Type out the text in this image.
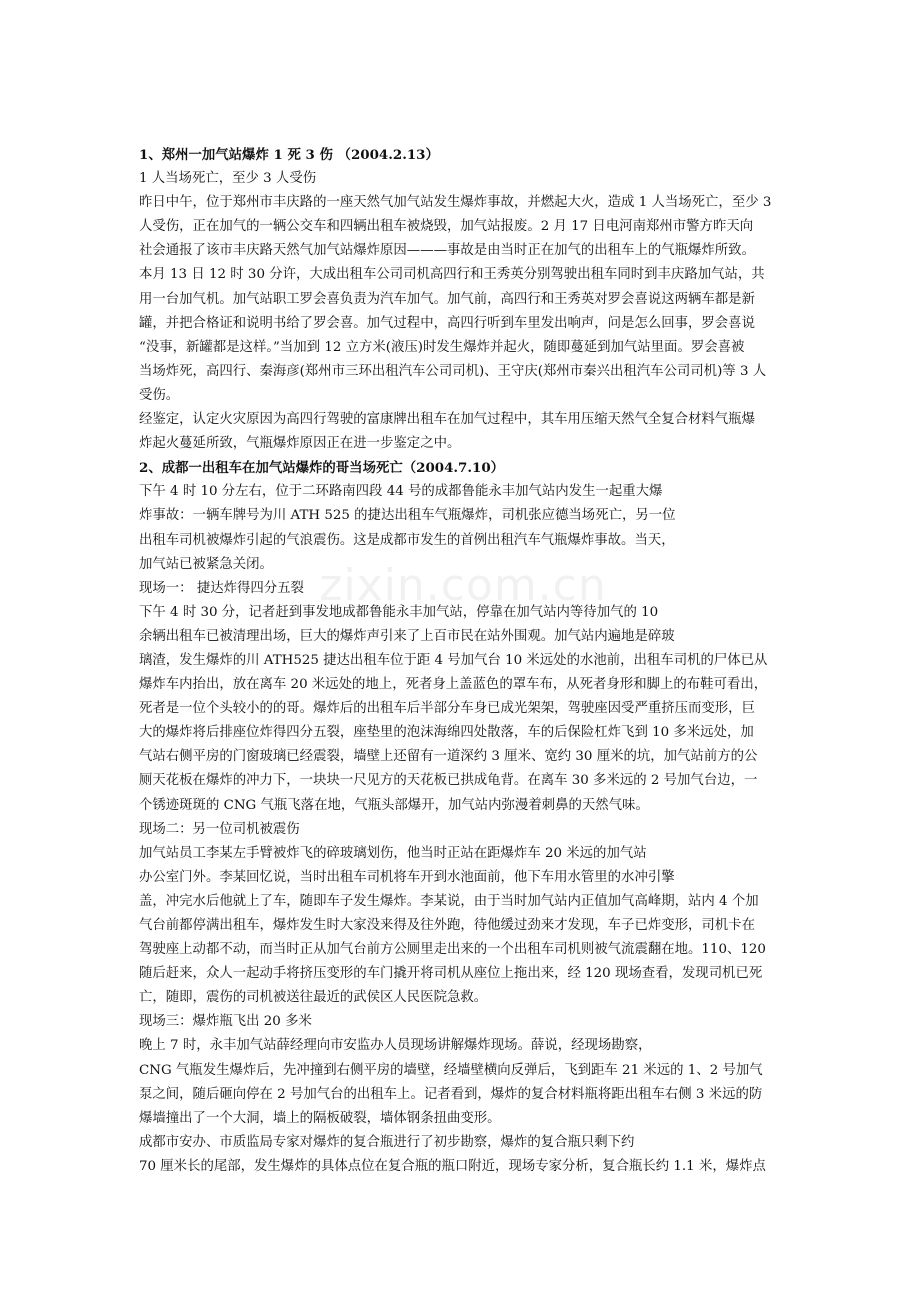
zixin.com.cn
1、郑州一加气站爆炸 1 死 3 伤 （2004.2.13）
1 人当场死亡，至少 3 人受伤
昨日中午，位于郑州市丰庆路的一座天然气加气站发生爆炸事故，并燃起大火，造成 1 人当场死亡，至少 3
人受伤，正在加气的一辆公交车和四辆出租车被烧毁，加气站报废。2 月 17 日电河南郑州市警方昨天向
社会通报了该市丰庆路天然气加气站爆炸原因———事故是由当时正在加气的出租车上的气瓶爆炸所致。
本月 13 日 12 时 30 分许，大成出租车公司司机高四行和王秀英分别驾驶出租车同时到丰庆路加气站，共
用一台加气机。加气站职工罗会喜负责为汽车加气。加气前，高四行和王秀英对罗会喜说这两辆车都是新
罐，并把合格证和说明书给了罗会喜。加气过程中，高四行听到车里发出响声，问是怎么回事，罗会喜说
“没事，新罐都是这样。”当加到 12 立方米(液压)时发生爆炸并起火，随即蔓延到加气站里面。罗会喜被
当场炸死，高四行、秦海彦(郑州市三环出租汽车公司司机)、王守庆(郑州市秦兴出租汽车公司司机)等 3 人
受伤。
经鉴定，认定火灾原因为高四行驾驶的富康牌出租车在加气过程中，其车用压缩天然气全复合材料气瓶爆
炸起火蔓延所致，气瓶爆炸原因正在进一步鉴定之中。
2、成都一出租车在加气站爆炸的哥当场死亡（2004.7.10）
下午 4 时 10 分左右，位于二环路南四段 44 号的成都鲁能永丰加气站内发生一起重大爆
炸事故：一辆车牌号为川 ATH 525 的捷达出租车气瓶爆炸，司机张应德当场死亡，另一位
出租车司机被爆炸引起的气浪震伤。这是成都市发生的首例出租汽车气瓶爆炸事故。当天，
加气站已被紧急关闭。
现场一： 捷达炸得四分五裂
下午 4 时 30 分，记者赶到事发地成都鲁能永丰加气站，停靠在加气站内等待加气的 10
余辆出租车已被清理出场，巨大的爆炸声引来了上百市民在站外围观。加气站内遍地是碎玻
璃渣，发生爆炸的川 ATH525 捷达出租车位于距 4 号加气台 10 米远处的水池前，出租车司机的尸体已从
爆炸车内抬出，放在离车 20 米远处的地上，死者身上盖蓝色的罩车布，从死者身形和脚上的布鞋可看出，
死者是一位个头较小的的哥。爆炸后的出租车后半部分车身已成光架架，驾驶座因受严重挤压而变形，巨
大的爆炸将后排座位炸得四分五裂，座垫里的泡沫海绵四处散落，车的后保险杠炸飞到 10 多米远处，加
气站右侧平房的门窗玻璃已经震裂，墙壁上还留有一道深约 3 厘米、宽约 30 厘米的坑，加气站前方的公
厕天花板在爆炸的冲力下，一块块一尺见方的天花板已拱成龟背。在离车 30 多米远的 2 号加气台边，一
个锈迹斑斑的 CNG 气瓶飞落在地，气瓶头部爆开，加气站内弥漫着刺鼻的天然气味。
现场二：另一位司机被震伤
加气站员工李某左手臂被炸飞的碎玻璃划伤，他当时正站在距爆炸车 20 米远的加气站
办公室门外。李某回忆说，当时出租车司机将车开到水池面前，他下车用水管里的水冲引擎
盖，冲完水后他就上了车，随即车子发生爆炸。李某说，由于当时加气站内正值加气高峰期，站内 4 个加
气台前都停满出租车，爆炸发生时大家没来得及往外跑，待他缓过劲来才发现，车子已炸变形，司机卡在
驾驶座上动都不动，而当时正从加气台前方公厕里走出来的一个出租车司机则被气流震翻在地。110、120
随后赶来，众人一起动手将挤压变形的车门撬开将司机从座位上拖出来，经 120 现场查看，发现司机已死
亡，随即，震伤的司机被送往最近的武侯区人民医院急救。
现场三：爆炸瓶飞出 20 多米
晚上 7 时，永丰加气站薛经理向市安监办人员现场讲解爆炸现场。薛说，经现场勘察，
CNG 气瓶发生爆炸后，先冲撞到右侧平房的墙壁，经墙壁横向反弹后，飞到距车 21 米远的 1、2 号加气
泵之间，随后砸向停在 2 号加气台的出租车上。记者看到，爆炸的复合材料瓶将距出租车右侧 3 米远的防
爆墙撞出了一个大洞，墙上的隔板破裂，墙体钢条扭曲变形。
成都市安办、市质监局专家对爆炸的复合瓶进行了初步勘察，爆炸的复合瓶只剩下约
70 厘米长的尾部，发生爆炸的具体点位在复合瓶的瓶口附近，现场专家分析，复合瓶长约 1.1 米，爆炸点
